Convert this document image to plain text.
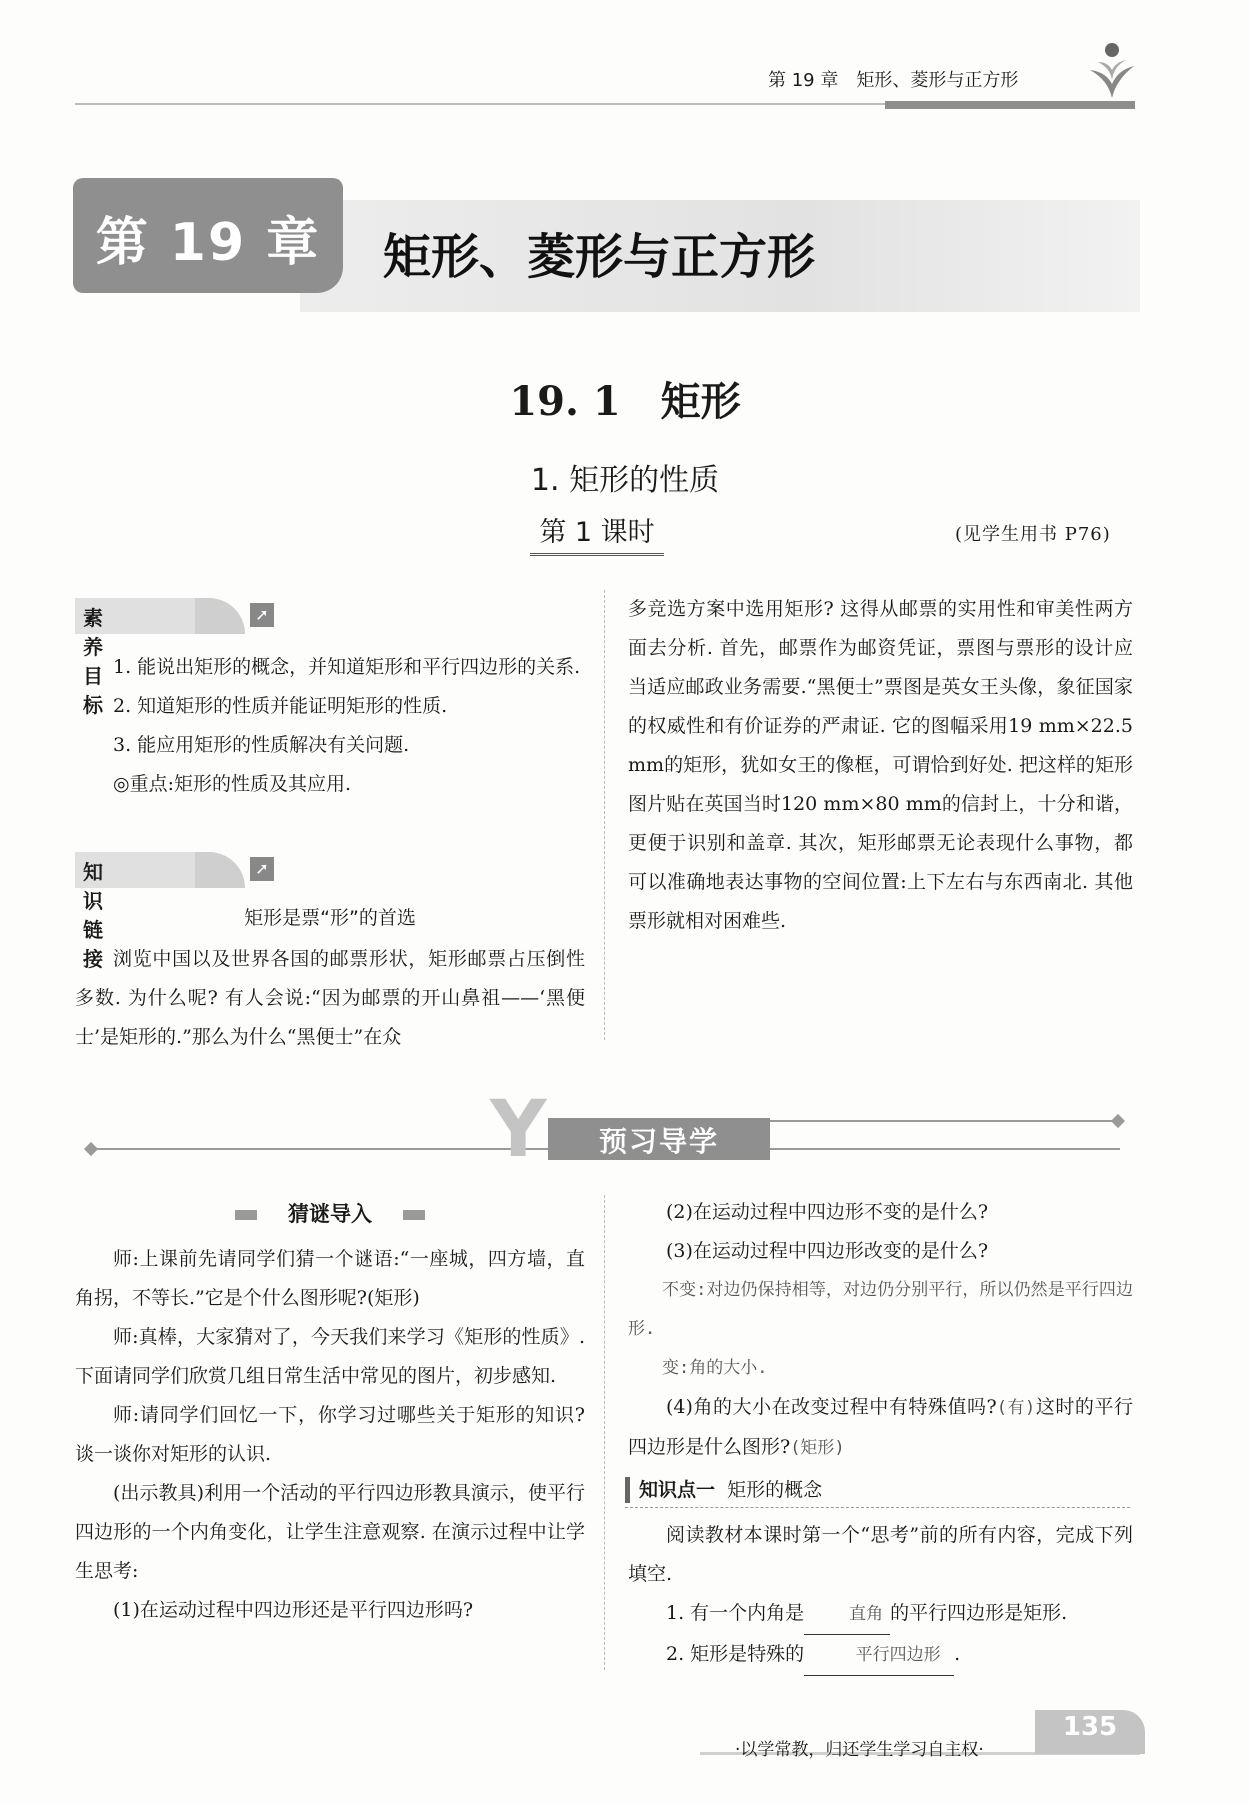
第 19 章 矩形、菱形与正方形
第 19 章	矩形、菱形与正方形
19. 1　矩形
1. 矩形的性质
第 1 课时	(见学生用书 P76)
素养目标
➚
1. 能说出矩形的概念，并知道矩形和平行四边形的关系.
2. 知道矩形的性质并能证明矩形的性质.
3. 能应用矩形的性质解决有关问题.
◎重点:矩形的性质及其应用.
知识链接
➚
矩形是票“形”的首选
浏览中国以及世界各国的邮票形状，矩形邮票占压倒性多数. 为什么呢? 有人会说:“因为邮票的开山鼻祖——‘黑便士’是矩形的.”那么为什么“黑便士”在众
多竞选方案中选用矩形? 这得从邮票的实用性和审美性两方面去分析. 首先，邮票作为邮资凭证，票图与票形的设计应当适应邮政业务需要.“黑便士”票图是英女王头像，象征国家的权威性和有价证券的严肃证. 它的图幅采用19 mm×22.5 mm的矩形，犹如女王的像框，可谓恰到好处. 把这样的矩形图片贴在英国当时120 mm×80 mm的信封上，十分和谐，更便于识别和盖章. 其次，矩形邮票无论表现什么事物，都可以准确地表达事物的空间位置:上下左右与东西南北. 其他票形就相对困难些.
Y	预习导学
猜谜导入
师:上课前先请同学们猜一个谜语:“一座城，四方墙，直角拐，不等长.”它是个什么图形呢?(矩形)
师:真棒，大家猜对了，今天我们来学习《矩形的性质》. 下面请同学们欣赏几组日常生活中常见的图片，初步感知.
师:请同学们回忆一下，你学习过哪些关于矩形的知识? 谈一谈你对矩形的认识.
(出示教具)利用一个活动的平行四边形教具演示，使平行四边形的一个内角变化，让学生注意观察. 在演示过程中让学生思考:
(1)在运动过程中四边形还是平行四边形吗?
(2)在运动过程中四边形不变的是什么?
(3)在运动过程中四边形改变的是什么?
不变:对边仍保持相等，对边仍分别平行，所以仍然是平行四边形.
变:角的大小.
(4)角的大小在改变过程中有特殊值吗?(有)这时的平行四边形是什么图形?(矩形)
知识点一 矩形的概念
阅读教材本课时第一个“思考”前的所有内容，完成下列填空.
1. 有一个内角是	直角 的平行四边形是矩形.
2. 矩形是特殊的	平行四边形 .
·以学常教，归还学生学习自主权·
135
